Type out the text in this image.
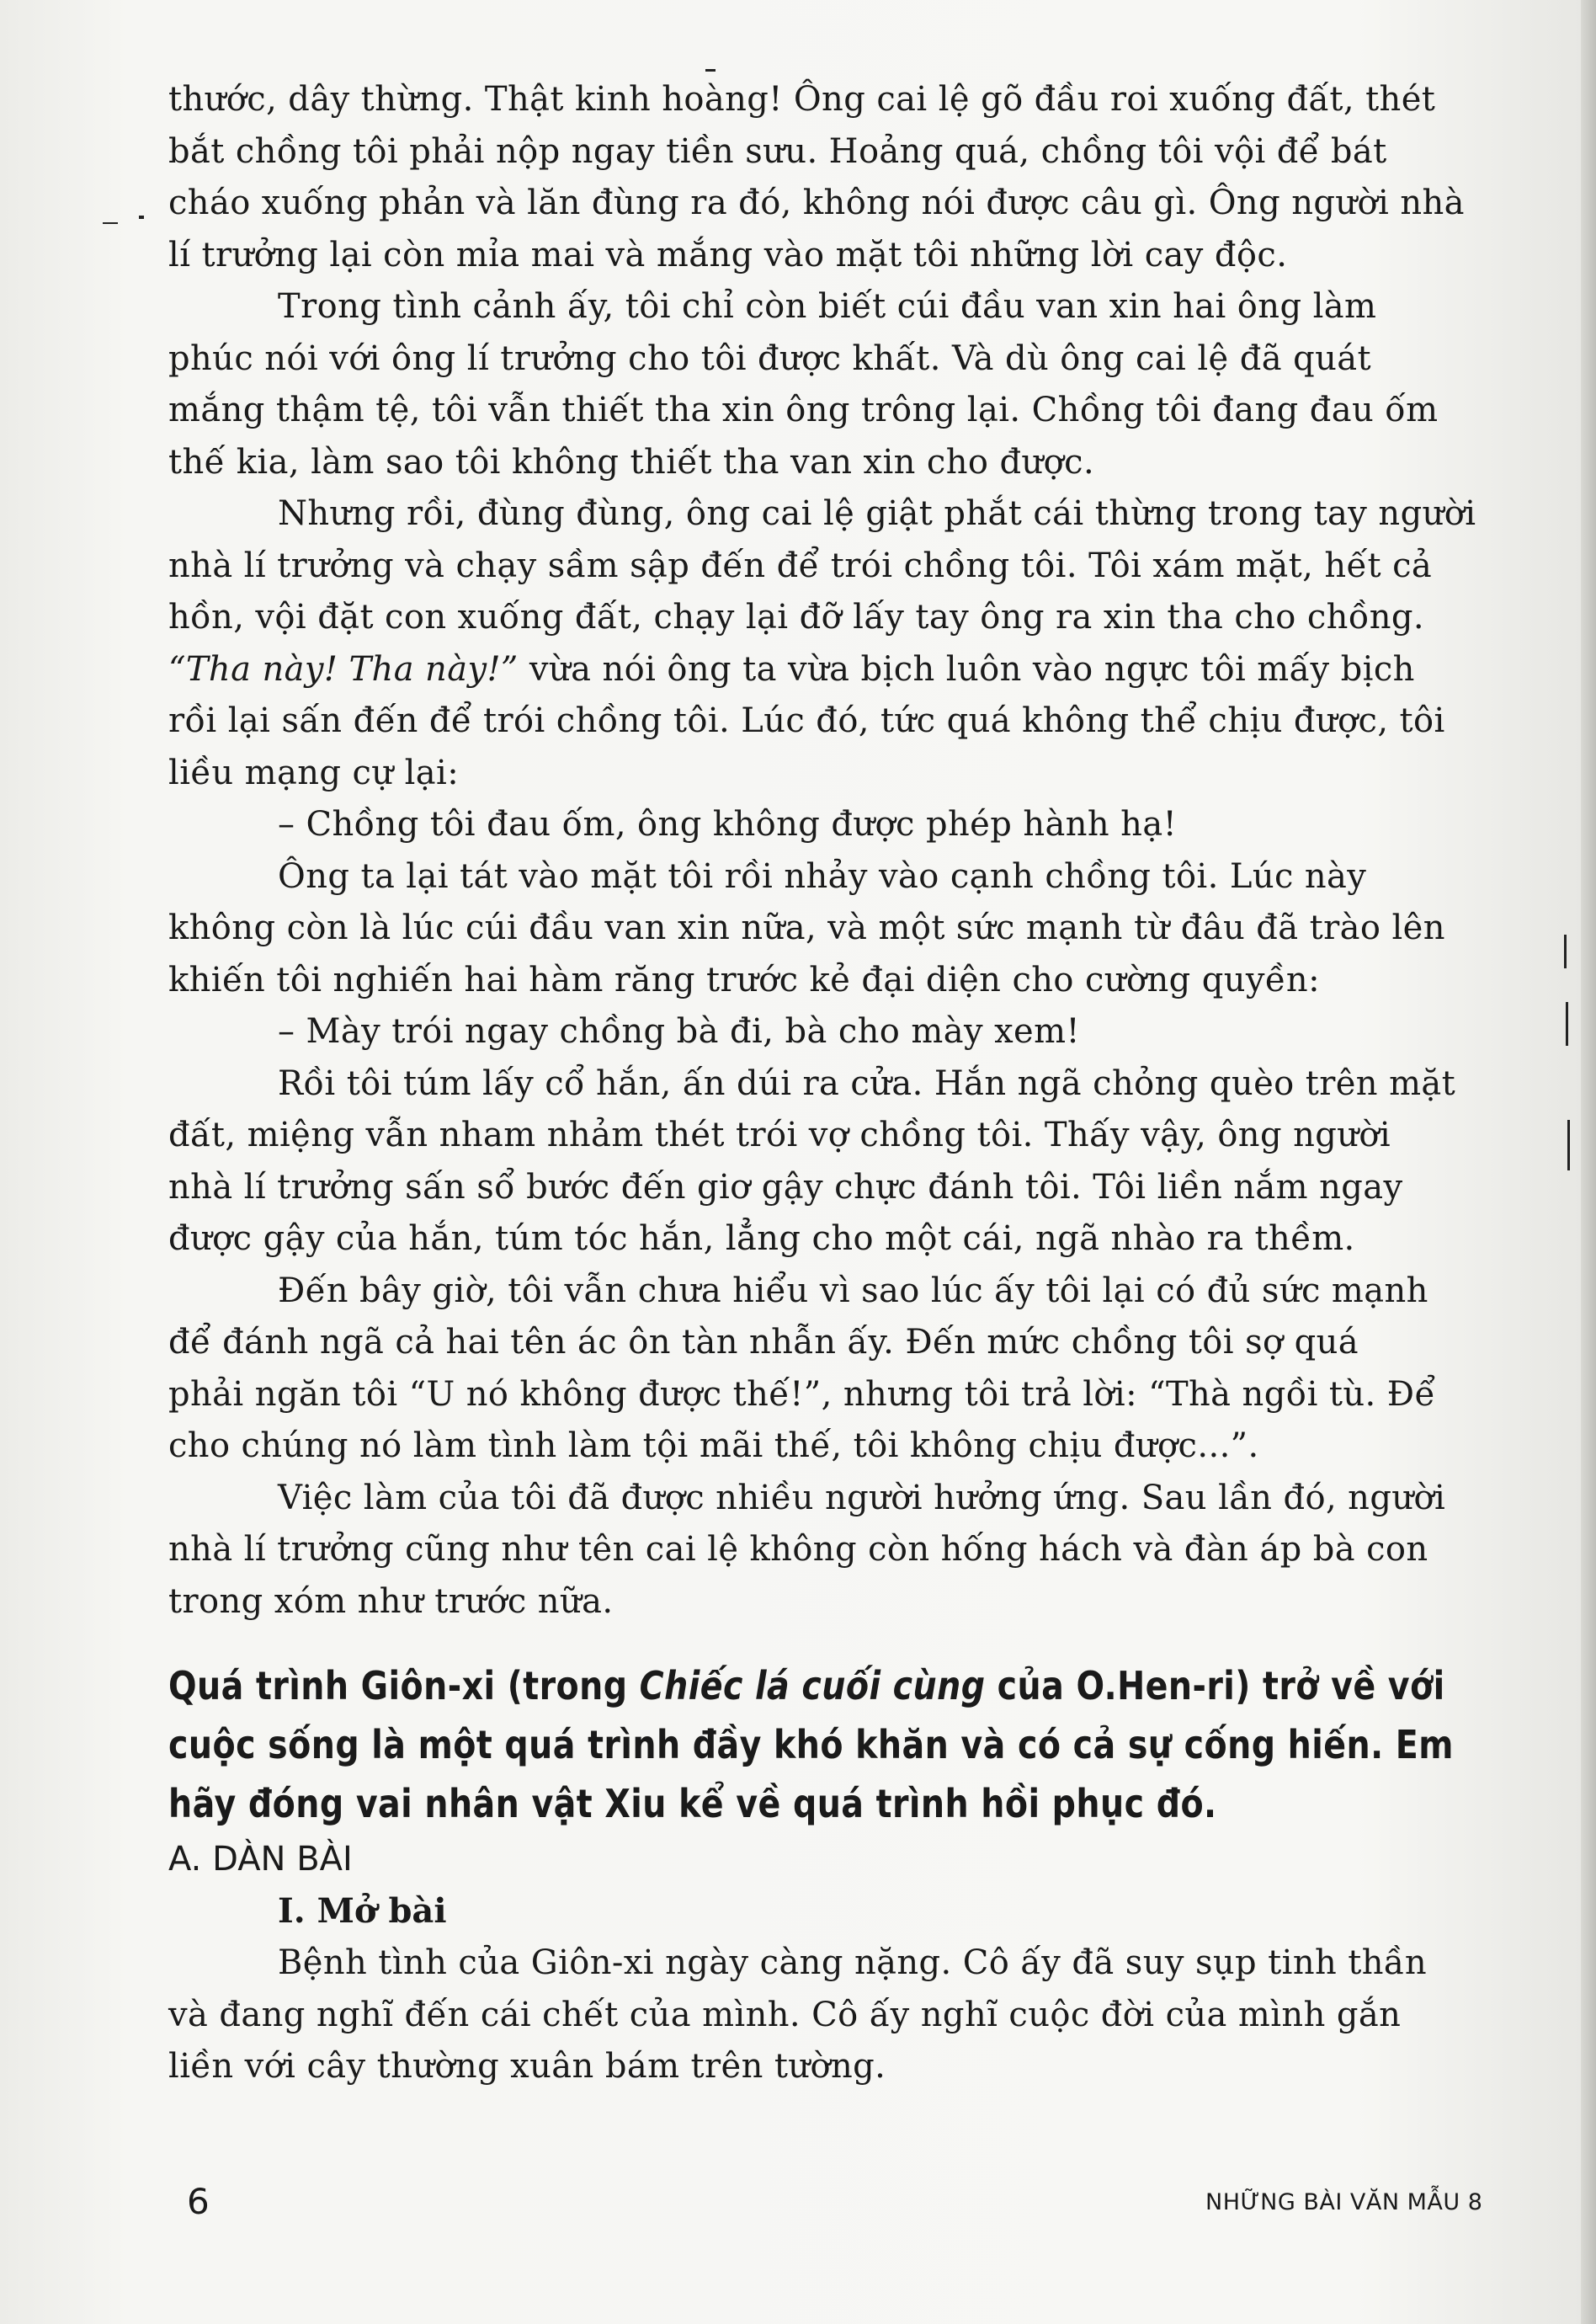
thước, dây thừng. Thật kinh hoàng! Ông cai lệ gõ đầu roi xuống đất, thét

bắt chồng tôi phải nộp ngay tiền sưu. Hoảng quá, chồng tôi vội để bát

cháo xuống phản và lăn đùng ra đó, không nói được câu gì. Ông người nhà

lí trưởng lại còn mỉa mai và mắng vào mặt tôi những lời cay độc.

Trong tình cảnh ấy, tôi chỉ còn biết cúi đầu van xin hai ông làm

phúc nói với ông lí trưởng cho tôi được khất. Và dù ông cai lệ đã quát

mắng thậm tệ, tôi vẫn thiết tha xin ông trông lại. Chồng tôi đang đau ốm

thế kia, làm sao tôi không thiết tha van xin cho được.

Nhưng rồi, đùng đùng, ông cai lệ giật phắt cái thừng trong tay người

nhà lí trưởng và chạy sầm sập đến để trói chồng tôi. Tôi xám mặt, hết cả

hồn, vội đặt con xuống đất, chạy lại đỡ lấy tay ông ra xin tha cho chồng.

“Tha này! Tha này!” vừa nói ông ta vừa bịch luôn vào ngực tôi mấy bịch

rồi lại sấn đến để trói chồng tôi. Lúc đó, tức quá không thể chịu được, tôi

liều mạng cự lại:

– Chồng tôi đau ốm, ông không được phép hành hạ!

Ông ta lại tát vào mặt tôi rồi nhảy vào cạnh chồng tôi. Lúc này

không còn là lúc cúi đầu van xin nữa, và một sức mạnh từ đâu đã trào lên

khiến tôi nghiến hai hàm răng trước kẻ đại diện cho cường quyền:

– Mày trói ngay chồng bà đi, bà cho mày xem!

Rồi tôi túm lấy cổ hắn, ấn dúi ra cửa. Hắn ngã chỏng quèo trên mặt

đất, miệng vẫn nham nhảm thét trói vợ chồng tôi. Thấy vậy, ông người

nhà lí trưởng sấn sổ bước đến giơ gậy chực đánh tôi. Tôi liền nắm ngay

được gậy của hắn, túm tóc hắn, lẳng cho một cái, ngã nhào ra thềm.

Đến bây giờ, tôi vẫn chưa hiểu vì sao lúc ấy tôi lại có đủ sức mạnh

để đánh ngã cả hai tên ác ôn tàn nhẫn ấy. Đến mức chồng tôi sợ quá

phải ngăn tôi “U nó không được thế!”, nhưng tôi trả lời: “Thà ngồi tù. Để

cho chúng nó làm tình làm tội mãi thế, tôi không chịu được...”.

Việc làm của tôi đã được nhiều người hưởng ứng. Sau lần đó, người

nhà lí trưởng cũng như tên cai lệ không còn hống hách và đàn áp bà con

trong xóm như trước nữa.

Quá trình Giôn-xi (trong Chiếc lá cuối cùng của O.Hen-ri) trở về với

cuộc sống là một quá trình đầy khó khăn và có cả sự cống hiến. Em

hãy đóng vai nhân vật Xiu kể về quá trình hồi phục đó.

A. DÀN BÀI

I. Mở bài

Bệnh tình của Giôn-xi ngày càng nặng. Cô ấy đã suy sụp tinh thần

và đang nghĩ đến cái chết của mình. Cô ấy nghĩ cuộc đời của mình gắn

liền với cây thường xuân bám trên tường.

6	NHỮNG BÀI VĂN MẪU 8
